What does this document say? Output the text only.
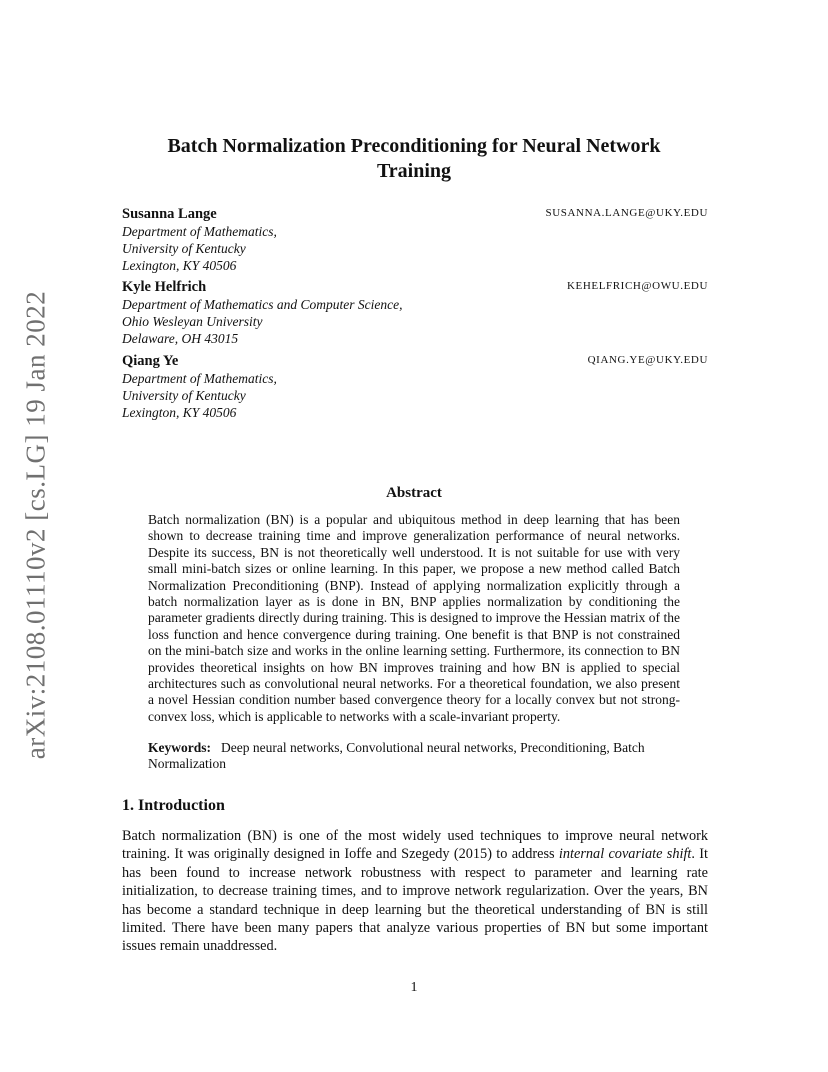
arXiv:2108.01110v2 [cs.LG] 19 Jan 2022
Batch Normalization Preconditioning for Neural Network
Training
Susanna Lange	SUSANNA.LANGE@UKY.EDU
Department of Mathematics,
University of Kentucky
Lexington, KY 40506
Kyle Helfrich	KEHELFRICH@OWU.EDU
Department of Mathematics and Computer Science,
Ohio Wesleyan University
Delaware, OH 43015
Qiang Ye	QIANG.YE@UKY.EDU
Department of Mathematics,
University of Kentucky
Lexington, KY 40506
Abstract
Batch normalization (BN) is a popular and ubiquitous method in deep learning that has been shown to decrease training time and improve generalization performance of neural networks. Despite its success, BN is not theoretically well understood. It is not suitable for use with very small mini-batch sizes or online learning. In this paper, we propose a new method called Batch Normalization Preconditioning (BNP). Instead of applying normalization explicitly through a batch normalization layer as is done in BN, BNP applies normalization by conditioning the parameter gradients directly during training. This is designed to improve the Hessian matrix of the loss function and hence convergence during training. One benefit is that BNP is not constrained on the mini-batch size and works in the online learning setting. Furthermore, its connection to BN provides theoretical insights on how BN improves training and how BN is applied to special architectures such as convolutional neural networks. For a theoretical foundation, we also present a novel Hessian condition number based convergence theory for a locally convex but not strong-convex loss, which is applicable to networks with a scale-invariant property.
Keywords: Deep neural networks, Convolutional neural networks, Preconditioning, Batch Normalization
1. Introduction
Batch normalization (BN) is one of the most widely used techniques to improve neural network training. It was originally designed in Ioffe and Szegedy (2015) to address internal covariate shift. It has been found to increase network robustness with respect to parameter and learning rate initialization, to decrease training times, and to improve network regularization. Over the years, BN has become a standard technique in deep learning but the theoretical understanding of BN is still limited. There have been many papers that analyze various properties of BN but some important issues remain unaddressed.
1
